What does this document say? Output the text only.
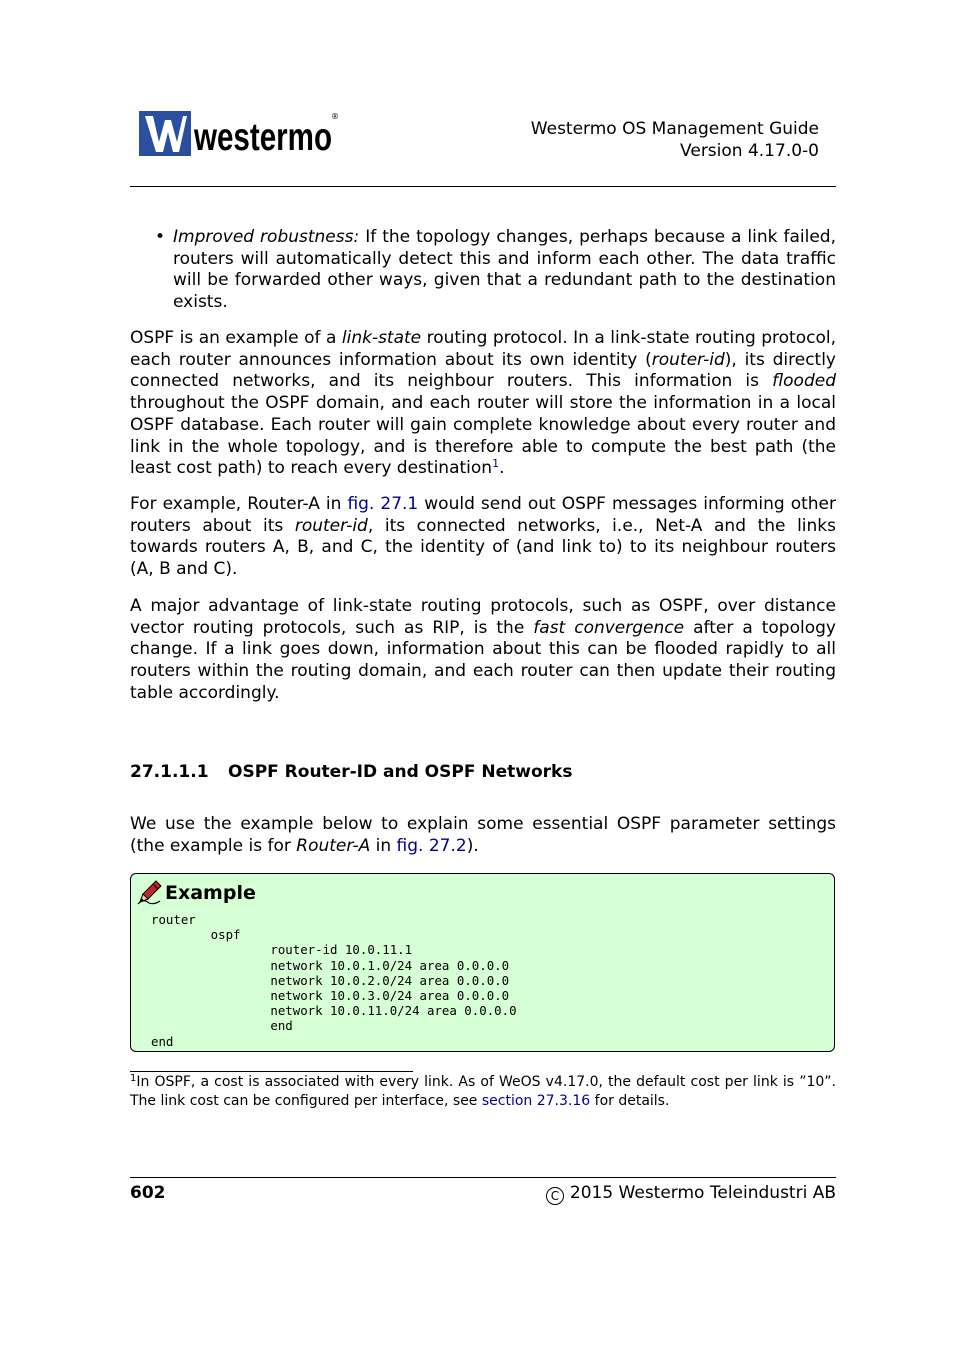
westermo ®
Westermo OS Management Guide
Version 4.17.0-0
• Improved robustness: If the topology changes, perhaps because a link failed, routers will automatically detect this and inform each other. The data traffic will be forwarded other ways, given that a redundant path to the destination exists.

OSPF is an example of a link-state routing protocol. In a link-state routing protocol, each router announces information about its own identity (router-id), its directly connected networks, and its neighbour routers. This information is flooded throughout the OSPF domain, and each router will store the information in a local OSPF database. Each router will gain complete knowledge about every router and link in the whole topology, and is therefore able to compute the best path (the least cost path) to reach every destination$^1$.

For example, Router-A in fig. 27.1 would send out OSPF messages informing other routers about its router-id, its connected networks, i.e., Net-A and the links towards routers A, B, and C, the identity of (and link to) to its neighbour routers (A, B and C).

A major advantage of link-state routing protocols, such as OSPF, over distance vector routing protocols, such as RIP, is the fast convergence after a topology change. If a link goes down, information about this can be flooded rapidly to all routers within the routing domain, and each router can then update their routing table accordingly.

27.1.1.1 OSPF Router-ID and OSPF Networks

We use the example below to explain some essential OSPF parameter settings (the example is for Router-A in fig. 27.2).

Example
router
ospf
router-id 10.0.11.1
network 10.0.1.0/24 area 0.0.0.0
network 10.0.2.0/24 area 0.0.0.0
network 10.0.3.0/24 area 0.0.0.0
network 10.0.11.0/24 area 0.0.0.0
end
end
$^1$In OSPF, a cost is associated with every link. As of WeOS v4.17.0, the default cost per link is ”10”. The link cost can be configured per interface, see section 27.3.16 for details.
602	C 2015 Westermo Teleindustri AB
